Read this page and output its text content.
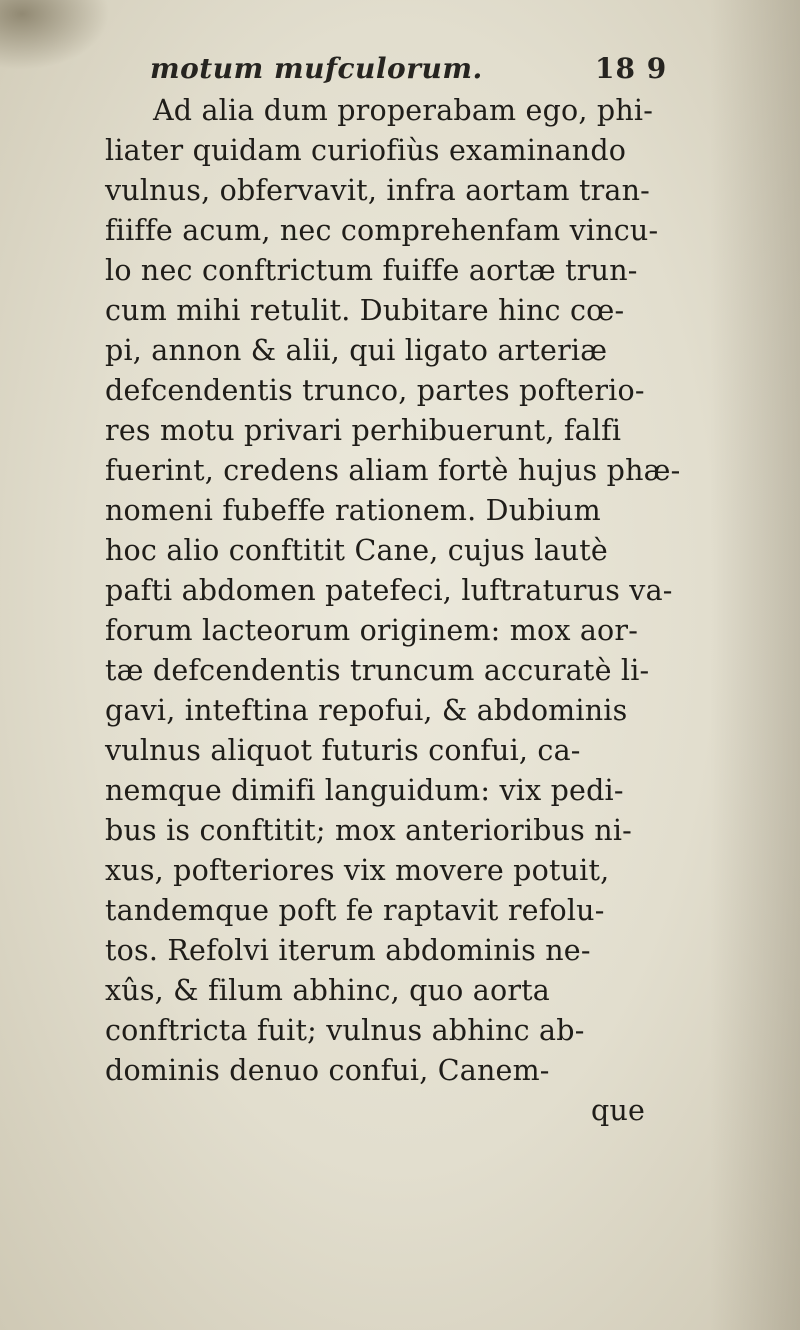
motum mufculorum.	18 9
Ad alia dum properabam ego, phi-
liater quidam curiofiùs examinando
vulnus, obfervavit, infra aortam tran-
fiiffe acum, nec comprehenfam vincu-
lo nec conftrictum fuiffe aortæ trun-
cum mihi retulit. Dubitare hinc cœ-
pi, annon & alii, qui ligato arteriæ
defcendentis trunco, partes pofterio-
res motu privari perhibuerunt, falfi
fuerint, credens aliam fortè hujus phæ-
nomeni fubeffe rationem. Dubium
hoc alio conftitit Cane, cujus lautè
pafti abdomen patefeci, luftraturus va-
forum lacteorum originem: mox aor-
tæ defcendentis truncum accuratè li-
gavi, inteftina repofui, & abdominis
vulnus aliquot futuris confui, ca-
nemque dimifi languidum: vix pedi-
bus is conftitit; mox anterioribus ni-
xus, pofteriores vix movere potuit,
tandemque poft fe raptavit refolu-
tos. Refolvi iterum abdominis ne-
xûs, & filum abhinc, quo aorta
conftricta fuit; vulnus abhinc ab-
dominis denuo confui, Canem-
que
